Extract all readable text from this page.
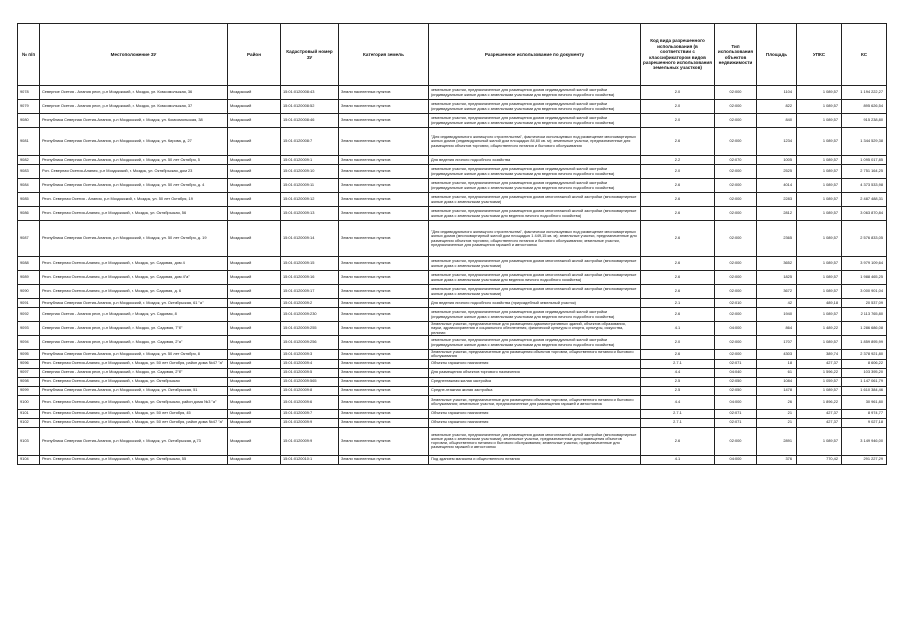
№ п/п	Местоположение ЗУ	Район	Кадастровый номер ЗУ	Категория земель	Разрешенное использование по документу	Код вида разрешенного использования (в соответствии с классификатором видов разрешенного использования земельных участков)	Тип использования объектов недвижимости	Площадь	УПКС	КС
9078	Северное Осетия - Алания респ, р-н Моздокский, г. Моздок, ул. Комсомольская, 36	Моздокский	15:01:0120008:43	Земли населенных пунктов	земельные участки, предназначенные для размещения домов индивидуальной жилой застройки (индивидуальные жилые дома с земельными участками для ведения личного подсобного хозяйства)	2.0	02:000	1104	1 089,57	1 194 222,27
9079	Северное Осетия - Алания респ, р-н Моздокский, г. Моздок, ул. Комсомольская, 37	Моздокский	15:01:0120008:52	Земли населенных пунктов	земельные участки, предназначенные для размещения домов индивидуальной жилой застройки (индивидуальные жилые дома с земельными участками для ведения личного подсобного хозяйства)	2.0	02:000	822	1 089,57	895 626,54
9080	Республика Северная Осетия-Алания, р-н Моздокский, г. Моздок, ул. Комсомольская, 38	Моздокский	15:01:0120008:46	Земли населенных пунктов	земельные участки, предназначенные для размещения домов индивидуальной жилой застройки (индивидуальные жилые дома с земельными участками для ведения личного подсобного хозяйства)	2.0	02:000	840	1 089,57	915 238,80
9081	Республика Северная Осетия-Алания, р-н Моздокский, г. Моздок, ул. Кирова, д. 27	Моздокский	15:01:0120008:7	Земли населенных пунктов	"Для индивидуального жилищного строительства", фактически используемых под размещение многоквартирных жилых домов (индивидуальный жилой дом площадью 84,60 кв. м); земельные участки, предназначенные для размещения объектов торговли, общественного питания и бытового обслуживания	2.6	02:000	1234	1 089,57	1 344 529,38
9082	Республика Северная Осетия-Алания, р-н Моздокский, г. Моздок, ул. 50 лет Октября, 5	Моздокский	15:01:0120009:1	Земли населенных пунктов	Для ведения личного подсобного хозяйства	2.2	02:070	1005	1 089,57	1 095 017,85
9083	Рсп. Северная Осетия-Алания, р-н Моздокский, г. Моздок, ул. Октябрьская, дом 23	Моздокский	15:01:0120009:10	Земли населенных пунктов	земельные участки, предназначенные для размещения домов индивидуальной жилой застройки (индивидуальные жилые дома с земельными участками для ведения личного подсобного хозяйства)	2.0	02:000	2525	1 089,57	2 751 164,25
9084	Республика Северная Осетия-Алания, р-н Моздокский, г. Моздок, ул. 50 лет Октября, д. 4	Моздокский	15:01:0120009:11	Земли населенных пунктов	земельные участки, предназначенные для размещения домов индивидуальной жилой застройки (индивидуальные жилые дома с земельными участками для ведения личного подсобного хозяйства)	2.6	02:000	4014	1 089,57	4 373 533,98
9085	Респ. Северная Осетия - Алания, р-н Моздокский, г. Моздок, ул. 50 лет Октября, 19	Моздокский	15:01:0120009:12	Земли населенных пунктов	земельные участки, предназначенные для размещения домов многоэтажной жилой застройки (многоквартирные жилые дома с земельными участками)	2.6	02:000	2283	1 089,57	2 487 488,31
9086	Респ. Северная Осетия-Алания, р-н Моздокский, г. Моздок, ул. Октябрьская, 56	Моздокский	15:01:0120009:13	Земли населенных пунктов	земельные участки, предназначенные для размещения домов многоэтажной жилой застройки (многоквартирные жилые дома с земельными участками для ведения личного подсобного хозяйства)	2.6	02:000	2812	1 089,57	3 063 870,84
9087	Республика Северная Осетия-Алания, р-н Моздокский, г. Моздок, ул. 50 лет Октября, д. 19	Моздокский	15:01:0120009:14	Земли населенных пунктов	"Для индивидуального жилищного строительства", фактически используемых под размещение многоквартирных жилых домов (многоквартирный жилой дом площадью 1 449,15 кв. м); земельные участки, предназначенные для размещения объектов торговли, общественного питания и бытового обслуживания; земельные участки, предназначенные для размещения гаражей и автостоянок	2.6	02:000	2365	1 089,57	2 576 833,05
9088	Респ. Северная Осетия-Алания, р-н Моздокский, г. Моздок, ул. Садовая, дом 4	Моздокский	15:01:0120009:15	Земли населенных пунктов	земельные участки, предназначенные для размещения домов многоэтажной жилой застройки (многоквартирные жилые дома с земельными участками)	2.6	02:000	3652	1 089,57	3 979 109,64
9089	Респ. Северная Осетия-Алания, р-н Моздокский, г. Моздок, ул. Садовая, дом 4"а"	Моздокский	15:01:0120009:16	Земли населенных пунктов	земельные участки, предназначенные для размещения домов многоэтажной жилой застройки (многоквартирные жилые дома с земельными участками для ведения личного подсобного хозяйства)	2.6	02:000	1825	1 089,57	1 988 465,25
9090	Респ. Северная Осетия-Алания, р-н Моздокский, г. Моздок, ул. Садовая, д. 6	Моздокский	15:01:0120009:17	Земли населенных пунктов	земельные участки, предназначенные для размещения домов многоэтажной жилой застройки (многоквартирные жилые дома с земельными участками)	2.6	02:000	3672	1 089,57	3 000 901,04
9091	Республика Северная Осетия-Алания, р-н Моздокский, г. Моздок, ул. Октябрьская, 61 "а"	Моздокский	15:01:0120009:2	Земли населенных пунктов	Для ведения личного подсобного хозяйства (приусадебный земельный участок)	2.1	02:010	42	489,18	20 537,09
9092	Северная Осетия - Алания респ, р-н Моздокский, г Моздок, ул. Садовая, 8	Моздокский	15:01:0120009:230	Земли населенных пунктов	земельные участки, предназначенные для размещения домов индивидуальной жилой застройки (индивидуальные жилые дома с земельными участками для ведения личного подсобного хозяйства)	2.6	02:000	1940	1 089,57	2 113 765,80
9093	Северная Осетия - Алания респ, р-н Моздокский, г. Моздок, ул. Садовая, 7"б"	Моздокский	15:01:0120009:255	Земли населенных пунктов	Земельные участки, предназначенные для размещения административных зданий, объектов образования, науки, здравоохранения и социального обеспечения, физической культуры и спорта, культуры, искусства, религии	4.1	04:000	864	1 489,22	1 286 686,08
9094	Северная Осетия - Алания респ, р-н Моздокский, г. Моздок, ул. Садовая, 2"а"	Моздокский	15:01:0120009:256	Земли населенных пунктов	земельные участки, предназначенные для размещения домов индивидуальной жилой застройки (индивидуальные жилые дома с земельными участками для ведения личного подсобного хозяйства)	2.0	02:000	1707	1 089,57	1 859 895,99
9095	Республика Северная Осетия-Алания, р-н Моздокский, г. Моздок, ул. 50 лет Октября, 8	Моздокский	15:01:0120009:3	Земли населенных пунктов	Земельные участки, предназначенные для размещения объектов торговли, общественного питания и бытового обслуживания	2.6	02:000	4303	389,74	2 378 921,80
9096	Респ. Северная Осетия-Алания, р-н Моздокский, г. Моздок, ул. 50 лет Октября, район дома №47 "а"	Моздокский	15:01:0120009:4	Земли населенных пунктов	Объекты гаражного назначения	2.7.1	02:071	18	427,37	8 606,22
9097	Северная Осетия - Алания респ, р-н Моздокский, г. Моздок, ул. Садовая, 2"б"	Моздокский	15:01:0120009:5	Земли населенных пунктов	Для размещения объектов торгового назначения	4.4	04:040	61	1 596,22	103 395,20
9098	Респ. Северная Осетия-Алания, р-н Моздокский, г. Моздок, ул. Октябрьская	Моздокский	15:01:0120009:565	Земли населенных пунктов	Среднеэтажная жилая застройка	2.5	02:050	1084	1 059,57	1 147 061,79
9099	Республика Северная Осетия-Алания, р-н Моздокский, г. Моздок, ул. Октябрьская, 51	Моздокский	15:01:0120009:8	Земли населенных пунктов	Средне-этажная жилая застройка	2.5	02:050	1478	1 089,57	1 610 384,46
9100	Респ. Северная Осетия-Алания, р-н Моздокский, г. Моздок, ул. Октябрьская, район дома №3 "а"	Моздокский	15:01:0120009:6	Земли населенных пунктов	Земельные участки, предназначенные для размещения объектов торговли, общественного питания и бытового обслуживания; земельные участки, предназначенные для размещения гаражей и автостоянок	4.4	04:000	26	1 896,22	30 961,80
9101	Респ. Северная Осетия-Алания, р-н Моздокский, г. Моздок, ул. 50 лет Октября, 45	Моздокский	15:01:0120009:7	Земли населенных пунктов	Объекты гаражного назначения	2.7.1	02:071	21	427,37	8 974,77
9102	Респ. Северная Осетия-Алания, р-н Моздокский, г. Моздок, ул. 50 лет Октября, район дома №47 "а"	Моздокский	15:01:0120009:9	Земли населенных пунктов	Объекты гаражного назначения	2.7.1	02:071	21	427,37	9 027,18
9103	Республика Северная Осетия-Алания, р-н Моздокский, г. Моздок, ул. Октябрьская, д.73	Моздокский	15:01:0120009:9	Земли населенных пунктов	земельные участки, предназначенные для размещения домов многоэтажной жилой застройки (многоквартирные жилые дома с земельными участками); земельные участки, предназначенные для размещения объектов торговли, общественного питания и бытового обслуживания; земельные участки, предназначенные для размещения гаражей и автостоянок	2.6	02:000	2891	1 089,57	3 149 946,00
9104	Респ. Северная Осетия-Алания, р-н Моздокский, г. Моздок, ул. Октябрьская, 55	Моздокский	15:01:0120010:1	Земли населенных пунктов	Под зданием магазина и общественного питания	4.1	04:000	376	770,42	291 227,29
